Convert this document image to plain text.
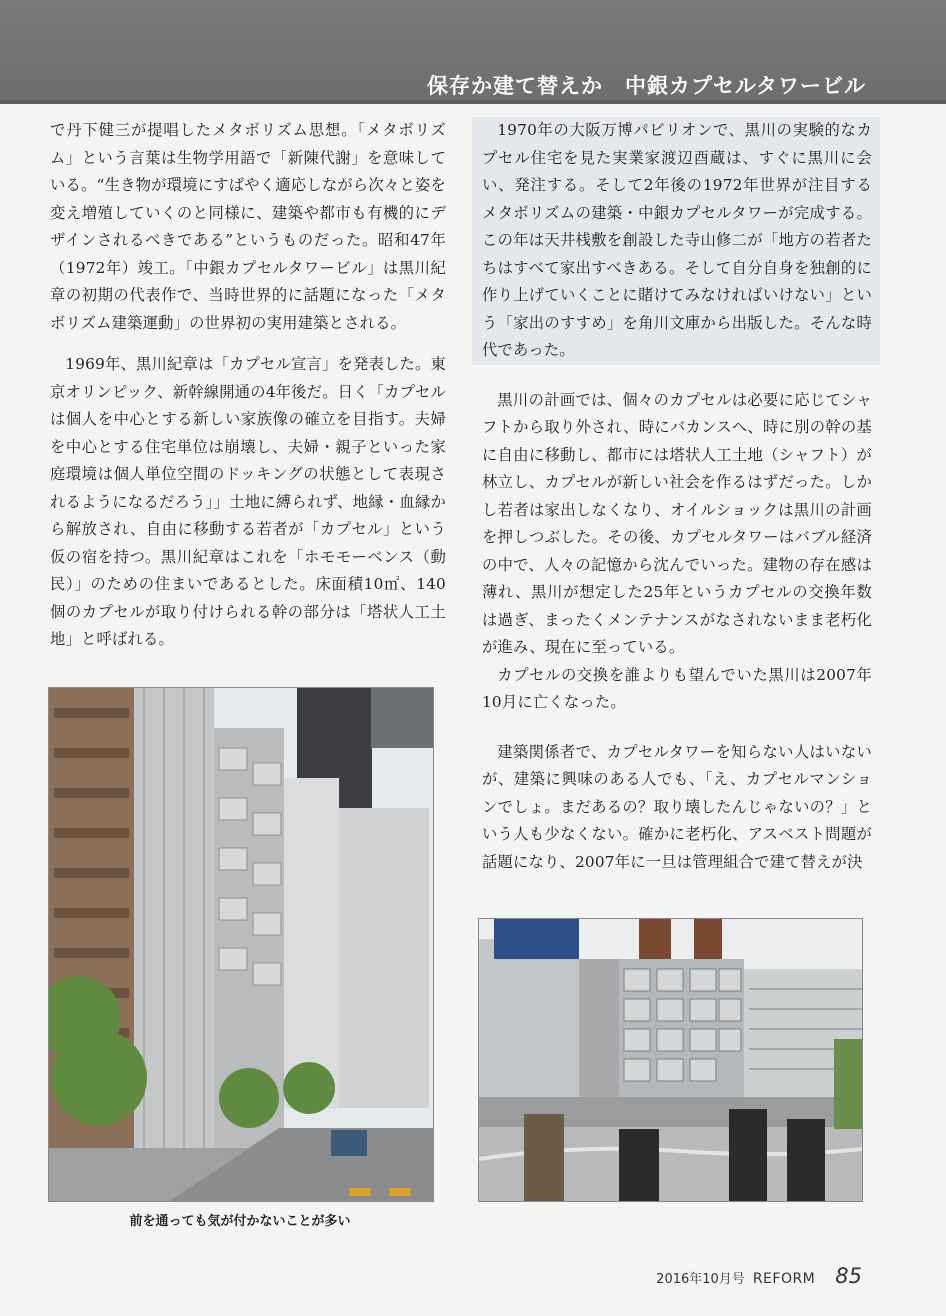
保存か建て替えか　中銀カプセルタワービル

で丹下健三が提唱したメタボリズム思想。「メタボリズム」という言葉は生物学用語で「新陳代謝」を意味している。“生き物が環境にすばやく適応しながら次々と姿を変え増殖していくのと同様に、建築や都市も有機的にデザインされるべきである”というものだった。昭和47年（1972年）竣工。「中銀カプセルタワービル」は黒川紀章の初期の代表作で、当時世界的に話題になった「メタボリズム建築運動」の世界初の実用建築とされる。

1969年、黒川紀章は「カプセル宣言」を発表した。東京オリンピック、新幹線開通の4年後だ。日く「カプセルは個人を中心とする新しい家族像の確立を目指す。夫婦を中心とする住宅単位は崩壊し、夫婦・親子といった家庭環境は個人単位空間のドッキングの状態として表現されるようになるだろう」」土地に縛られず、地縁・血縁から解放され、自由に移動する若者が「カプセル」という仮の宿を持つ。黒川紀章はこれを「ホモモーベンス（動民）」のための住まいであるとした。床面積10㎡、140個のカプセルが取り付けられる幹の部分は「塔状人工土地」と呼ばれる。

1970年の大阪万博パビリオンで、黒川の実験的なカプセル住宅を見た実業家渡辺酉蔵は、すぐに黒川に会い、発注する。そして2年後の1972年世界が注目するメタボリズムの建築・中銀カプセルタワーが完成する。この年は天井桟敷を創設した寺山修二が「地方の若者たちはすべて家出すべきある。そして自分自身を独創的に作り上げていくことに賭けてみなければいけない」という「家出のすすめ」を角川文庫から出版した。そんな時代であった。

黒川の計画では、個々のカプセルは必要に応じてシャフトから取り外され、時にバカンスへ、時に別の幹の基に自由に移動し、都市には塔状人工土地（シャフト）が林立し、カプセルが新しい社会を作るはずだった。しかし若者は家出しなくなり、オイルショックは黒川の計画を押しつぶした。その後、カプセルタワーはバブル経済の中で、人々の記憶から沈んでいった。建物の存在感は薄れ、黒川が想定した25年というカプセルの交換年数は過ぎ、まったくメンテナンスがなされないまま老朽化が進み、現在に至っている。

カプセルの交換を誰よりも望んでいた黒川は2007年10月に亡くなった。

建築関係者で、カプセルタワーを知らない人はいないが、建築に興味のある人でも、「え、カプセルマンションでしょ。まだあるの？取り壊したんじゃないの？」という人も少なくない。確かに老朽化、アスベスト問題が話題になり、2007年に一旦は管理組合で建て替えが決

前を通っても気が付かないことが多い
2016年10月号 REFORM 85
